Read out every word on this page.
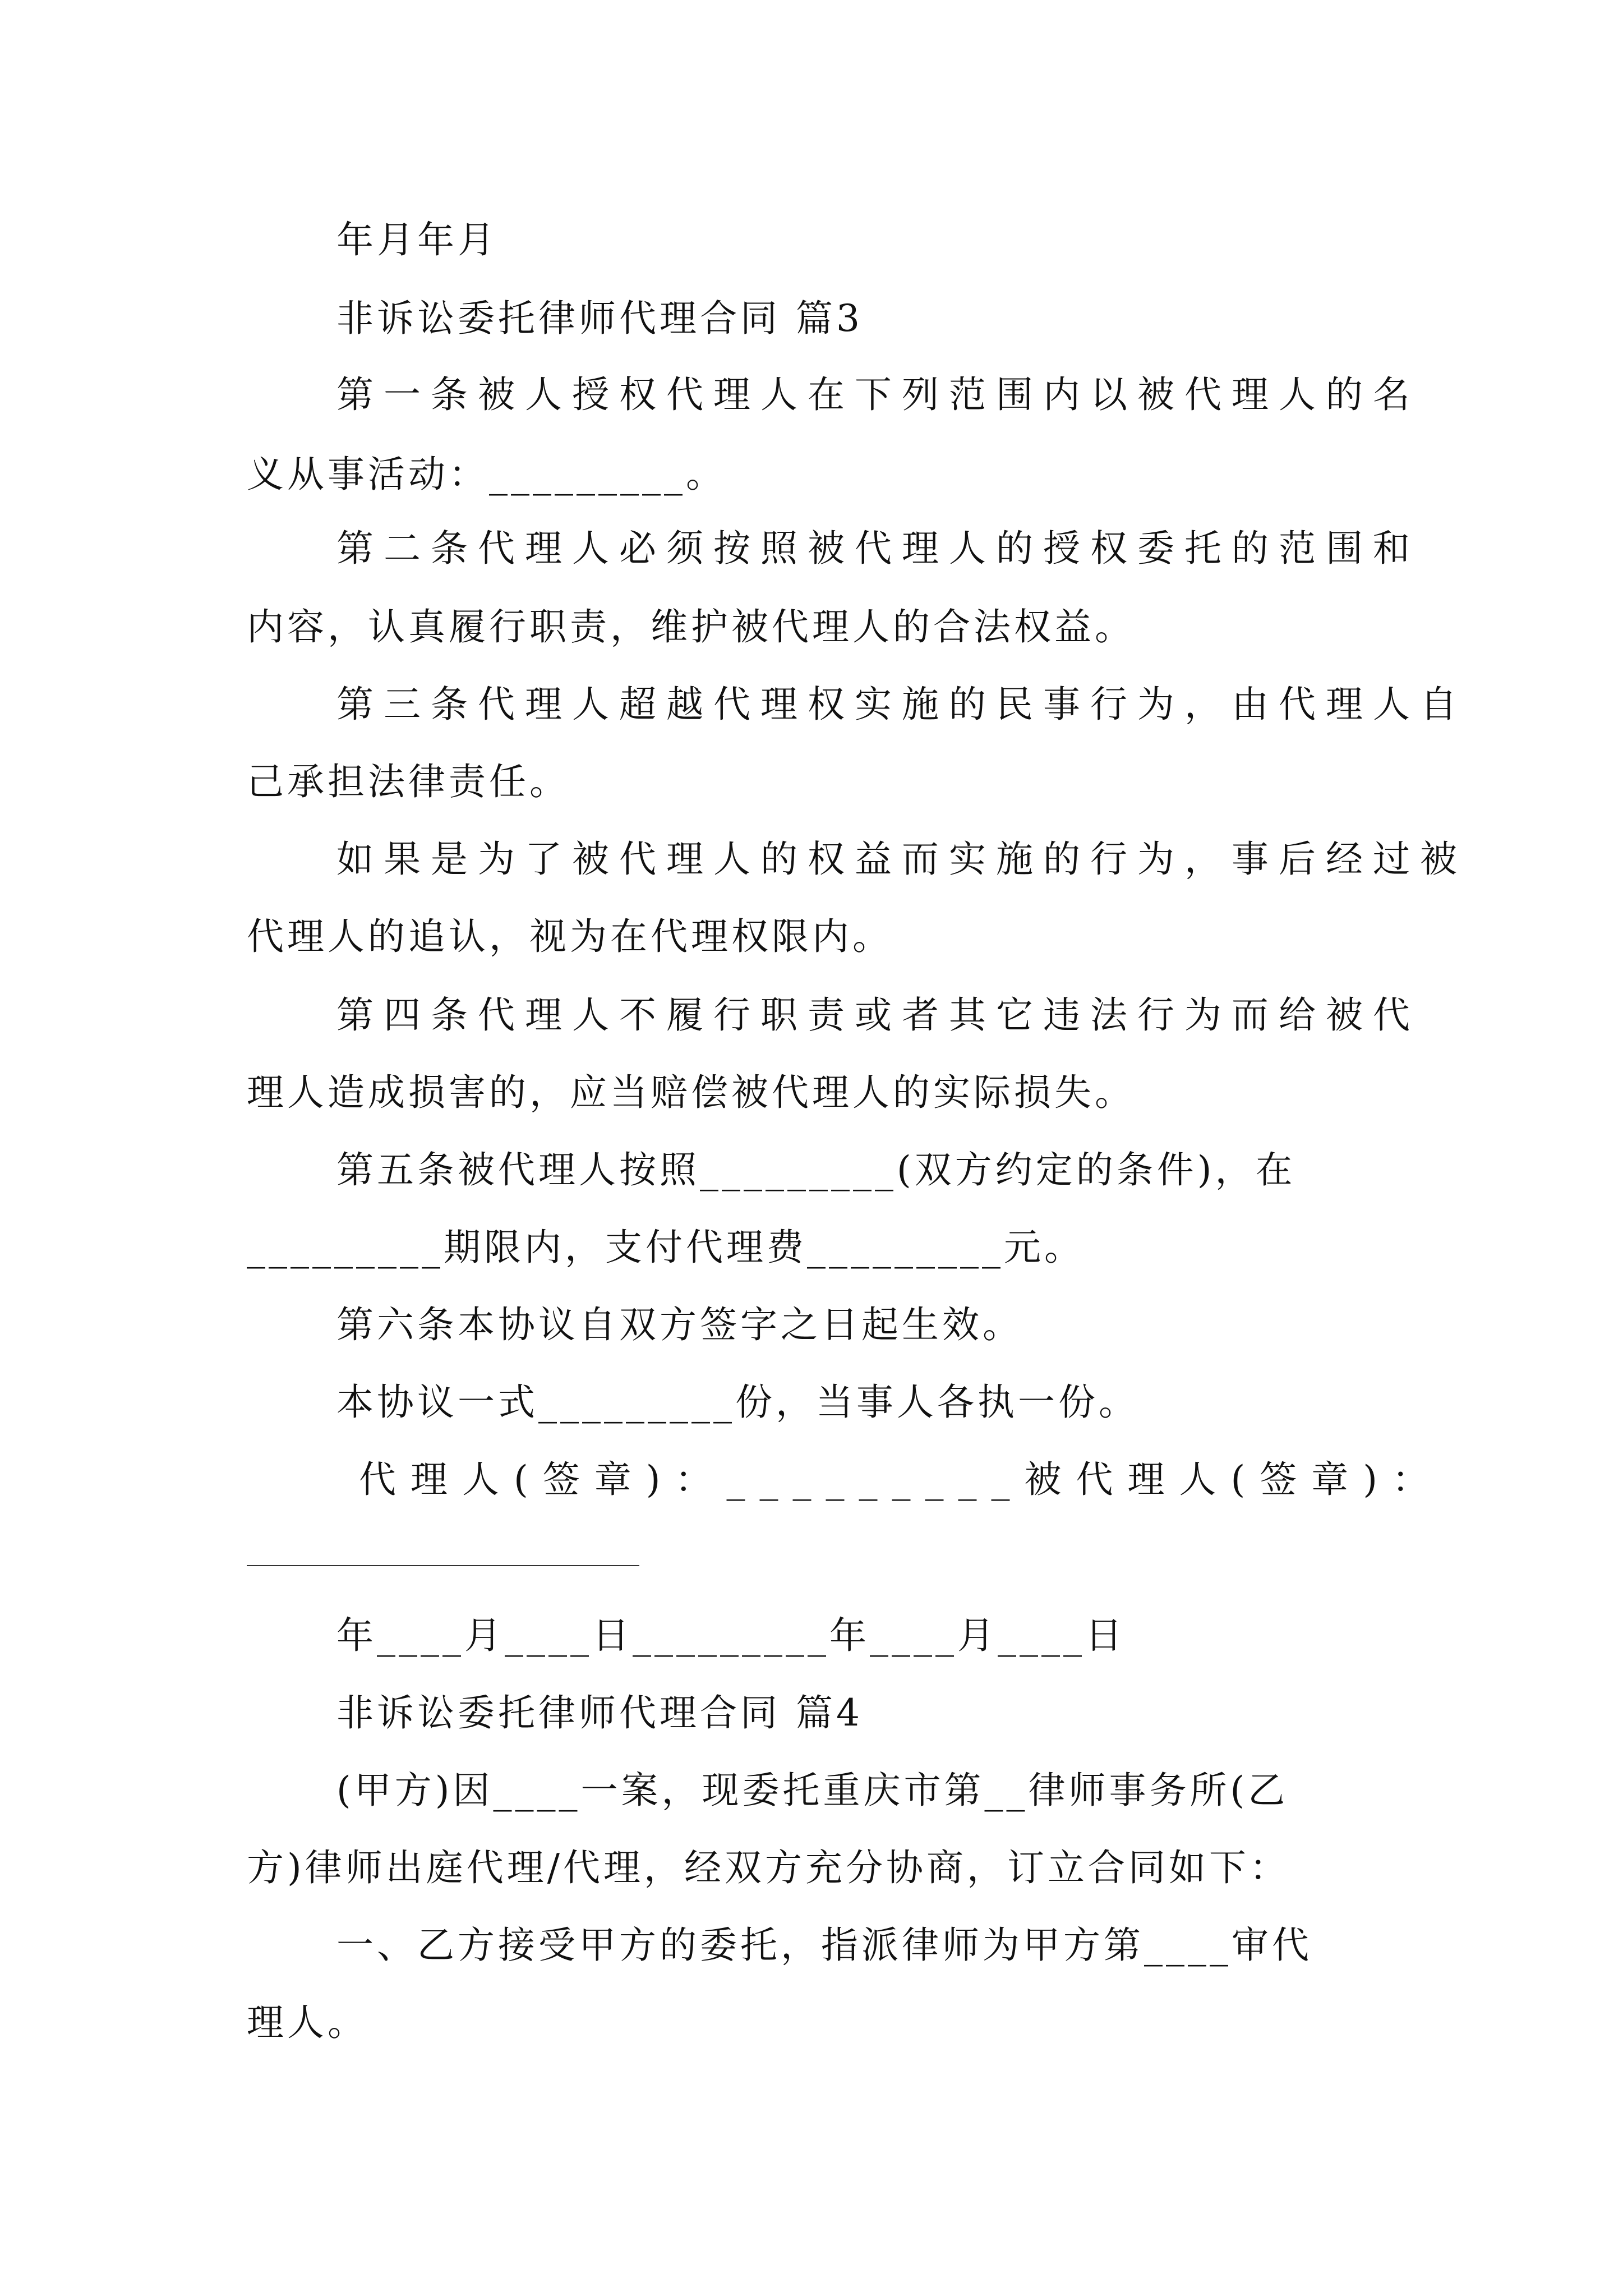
年月年月
非诉讼委托律师代理合同 篇3
第一条被人授权代理人在下列范围内以被代理人的名
义从事活动：_________。
第二条代理人必须按照被代理人的授权委托的范围和
内容，认真履行职责，维护被代理人的合法权益。
第三条代理人超越代理权实施的民事行为，由代理人自
己承担法律责任。
如果是为了被代理人的权益而实施的行为，事后经过被
代理人的追认，视为在代理权限内。
第四条代理人不履行职责或者其它违法行为而给被代
理人造成损害的，应当赔偿被代理人的实际损失。
第五条被代理人按照_________(双方约定的条件)，在
_________期限内，支付代理费_________元。
第六条本协议自双方签字之日起生效。
本协议一式_________份，当事人各执一份。
代理人(签章)：_________被代理人(签章)：
年____月____日_________年____月____日
非诉讼委托律师代理合同 篇4
(甲方)因____一案，现委托重庆市第__律师事务所(乙
方)律师出庭代理/代理，经双方充分协商，订立合同如下：
一、乙方接受甲方的委托，指派律师为甲方第____审代
理人。
